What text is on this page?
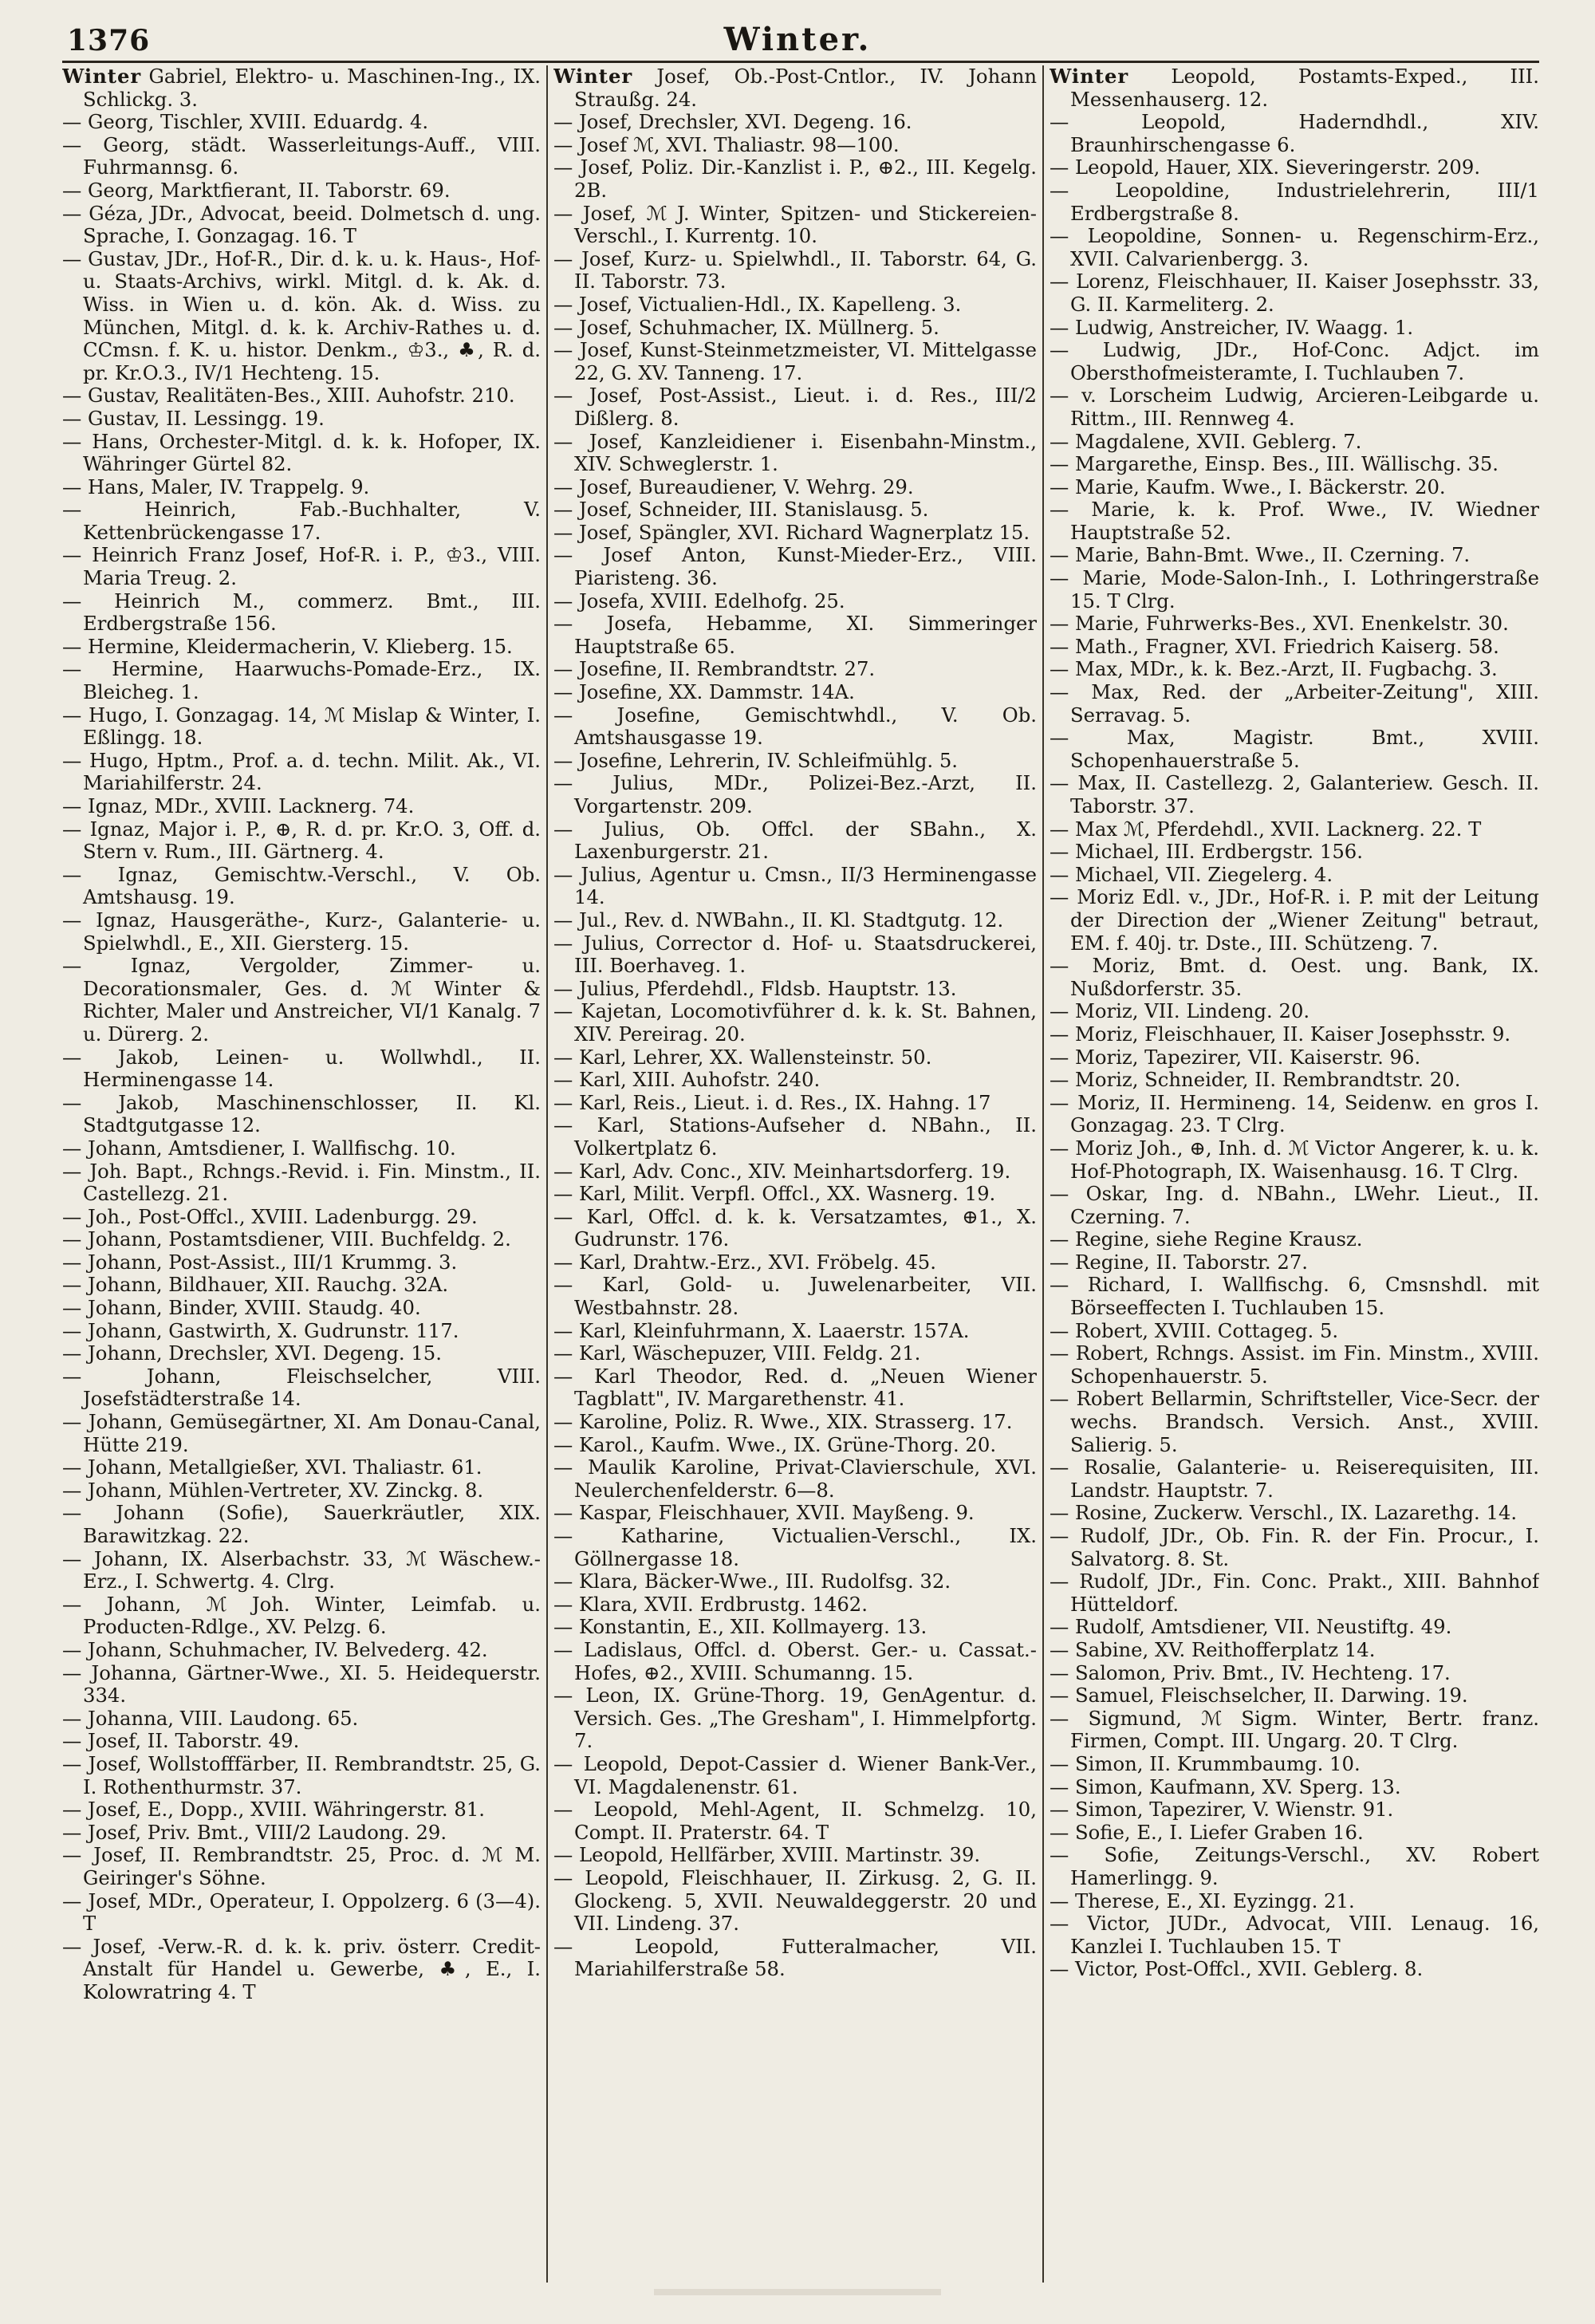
1376	Winter.

Winter Gabriel, Elektro- u. Maschinen-Ing., IX. Schlickg. 3.

— Georg, Tischler, XVIII. Eduardg. 4.

— Georg, städt. Wasserleitungs-Auff., VIII. Fuhrmannsg. 6.

— Georg, Marktfierant, II. Taborstr. 69.

— Géza, JDr., Advocat, beeid. Dolmetsch d. ung. Sprache, I. Gonzagag. 16. T

— Gustav, JDr., Hof-R., Dir. d. k. u. k. Haus-, Hof- u. Staats-Archivs, wirkl. Mitgl. d. k. Ak. d. Wiss. in Wien u. d. kön. Ak. d. Wiss. zu München, Mitgl. d. k. k. Archiv-Rathes u. d. CCmsn. f. K. u. histor. Denkm., ♔3., ♣, R. d. pr. Kr.O.3., IV/1 Hechteng. 15.

— Gustav, Realitäten-Bes., XIII. Auhofstr. 210.

— Gustav, II. Lessingg. 19.

— Hans, Orchester-Mitgl. d. k. k. Hofoper, IX. Währinger Gürtel 82.

— Hans, Maler, IV. Trappelg. 9.

— Heinrich, Fab.-Buchhalter, V. Kettenbrückengasse 17.

— Heinrich Franz Josef, Hof-R. i. P., ♔3., VIII. Maria Treug. 2.

— Heinrich M., commerz. Bmt., III. Erdbergstraße 156.

— Hermine, Kleidermacherin, V. Klieberg. 15.

— Hermine, Haarwuchs-Pomade-Erz., IX. Bleicheg. 1.

— Hugo, I. Gonzagag. 14, ℳ Mislap & Winter, I. Eßlingg. 18.

— Hugo, Hptm., Prof. a. d. techn. Milit. Ak., VI. Mariahilferstr. 24.

— Ignaz, MDr., XVIII. Lacknerg. 74.

— Ignaz, Major i. P., ⊕, R. d. pr. Kr.O. 3, Off. d. Stern v. Rum., III. Gärtnerg. 4.

— Ignaz, Gemischtw.-Verschl., V. Ob. Amtshausg. 19.

— Ignaz, Hausgeräthe-, Kurz-, Galanterie- u. Spielwhdl., E., XII. Giersterg. 15.

— Ignaz, Vergolder, Zimmer- u. Decorationsmaler, Ges. d. ℳ Winter & Richter, Maler und Anstreicher, VI/1 Kanalg. 7 u. Dürerg. 2.

— Jakob, Leinen- u. Wollwhdl., II. Herminengasse 14.

— Jakob, Maschinenschlosser, II. Kl. Stadtgutgasse 12.

— Johann, Amtsdiener, I. Wallfischg. 10.

— Joh. Bapt., Rchngs.-Revid. i. Fin. Minstm., II. Castellezg. 21.

— Joh., Post-Offcl., XVIII. Ladenburgg. 29.

— Johann, Postamtsdiener, VIII. Buchfeldg. 2.

— Johann, Post-Assist., III/1 Krummg. 3.

— Johann, Bildhauer, XII. Rauchg. 32A.

— Johann, Binder, XVIII. Staudg. 40.

— Johann, Gastwirth, X. Gudrunstr. 117.

— Johann, Drechsler, XVI. Degeng. 15.

— Johann, Fleischselcher, VIII. Josefstädterstraße 14.

— Johann, Gemüsegärtner, XI. Am Donau-Canal, Hütte 219.

— Johann, Metallgießer, XVI. Thaliastr. 61.

— Johann, Mühlen-Vertreter, XV. Zinckg. 8.

— Johann (Sofie), Sauerkräutler, XIX. Barawitzkag. 22.

— Johann, IX. Alserbachstr. 33, ℳ Wäschew.-Erz., I. Schwertg. 4. Clrg.

— Johann, ℳ Joh. Winter, Leimfab. u. Producten-Rdlge., XV. Pelzg. 6.

— Johann, Schuhmacher, IV. Belvederg. 42.

— Johanna, Gärtner-Wwe., XI. 5. Heidequerstr. 334.

— Johanna, VIII. Laudong. 65.

— Josef, II. Taborstr. 49.

— Josef, Wollstofffärber, II. Rembrandtstr. 25, G. I. Rothenthurmstr. 37.

— Josef, E., Dopp., XVIII. Währingerstr. 81.

— Josef, Priv. Bmt., VIII/2 Laudong. 29.

— Josef, II. Rembrandtstr. 25, Proc. d. ℳ M. Geiringer's Söhne.

— Josef, MDr., Operateur, I. Oppolzerg. 6 (3—4). T

— Josef, -Verw.-R. d. k. k. priv. österr. Credit-Anstalt für Handel u. Gewerbe, ♣, E., I. Kolowratring 4. T

Winter Josef, Ob.-Post-Cntlor., IV. Johann Straußg. 24.

— Josef, Drechsler, XVI. Degeng. 16.

— Josef ℳ, XVI. Thaliastr. 98—100.

— Josef, Poliz. Dir.-Kanzlist i. P., ⊕2., III. Kegelg. 2B.

— Josef, ℳ J. Winter, Spitzen- und Stickereien-Verschl., I. Kurrentg. 10.

— Josef, Kurz- u. Spielwhdl., II. Taborstr. 64, G. II. Taborstr. 73.

— Josef, Victualien-Hdl., IX. Kapelleng. 3.

— Josef, Schuhmacher, IX. Müllnerg. 5.

— Josef, Kunst-Steinmetzmeister, VI. Mittelgasse 22, G. XV. Tanneng. 17.

— Josef, Post-Assist., Lieut. i. d. Res., III/2 Dißlerg. 8.

— Josef, Kanzleidiener i. Eisenbahn-Minstm., XIV. Schweglerstr. 1.

— Josef, Bureaudiener, V. Wehrg. 29.

— Josef, Schneider, III. Stanislausg. 5.

— Josef, Spängler, XVI. Richard Wagnerplatz 15.

— Josef Anton, Kunst-Mieder-Erz., VIII. Piaristeng. 36.

— Josefa, XVIII. Edelhofg. 25.

— Josefa, Hebamme, XI. Simmeringer Hauptstraße 65.

— Josefine, II. Rembrandtstr. 27.

— Josefine, XX. Dammstr. 14A.

— Josefine, Gemischtwhdl., V. Ob. Amtshausgasse 19.

— Josefine, Lehrerin, IV. Schleifmühlg. 5.

— Julius, MDr., Polizei-Bez.-Arzt, II. Vorgartenstr. 209.

— Julius, Ob. Offcl. der SBahn., X. Laxenburgerstr. 21.

— Julius, Agentur u. Cmsn., II/3 Herminengasse 14.

— Jul., Rev. d. NWBahn., II. Kl. Stadtgutg. 12.

— Julius, Corrector d. Hof- u. Staatsdruckerei, III. Boerhaveg. 1.

— Julius, Pferdehdl., Fldsb. Hauptstr. 13.

— Kajetan, Locomotivführer d. k. k. St. Bahnen, XIV. Pereirag. 20.

— Karl, Lehrer, XX. Wallensteinstr. 50.

— Karl, XIII. Auhofstr. 240.

— Karl, Reis., Lieut. i. d. Res., IX. Hahng. 17

— Karl, Stations-Aufseher d. NBahn., II. Volkertplatz 6.

— Karl, Adv. Conc., XIV. Meinhartsdorferg. 19.

— Karl, Milit. Verpfl. Offcl., XX. Wasnerg. 19.

— Karl, Offcl. d. k. k. Versatzamtes, ⊕1., X. Gudrunstr. 176.

— Karl, Drahtw.-Erz., XVI. Fröbelg. 45.

— Karl, Gold- u. Juwelenarbeiter, VII. Westbahnstr. 28.

— Karl, Kleinfuhrmann, X. Laaerstr. 157A.

— Karl, Wäschepuzer, VIII. Feldg. 21.

— Karl Theodor, Red. d. „Neuen Wiener Tagblatt", IV. Margarethenstr. 41.

— Karoline, Poliz. R. Wwe., XIX. Strasserg. 17.

— Karol., Kaufm. Wwe., IX. Grüne-Thorg. 20.

— Maulik Karoline, Privat-Clavierschule, XVI. Neulerchenfelderstr. 6—8.

— Kaspar, Fleischhauer, XVII. Mayßeng. 9.

— Katharine, Victualien-Verschl., IX. Göllnergasse 18.

— Klara, Bäcker-Wwe., III. Rudolfsg. 32.

— Klara, XVII. Erdbrustg. 1462.

— Konstantin, E., XII. Kollmayerg. 13.

— Ladislaus, Offcl. d. Oberst. Ger.- u. Cassat.-Hofes, ⊕2., XVIII. Schumanng. 15.

— Leon, IX. Grüne-Thorg. 19, GenAgentur. d. Versich. Ges. „The Gresham", I. Himmelpfortg. 7.

— Leopold, Depot-Cassier d. Wiener Bank-Ver., VI. Magdalenenstr. 61.

— Leopold, Mehl-Agent, II. Schmelzg. 10, Compt. II. Praterstr. 64. T

— Leopold, Hellfärber, XVIII. Martinstr. 39.

— Leopold, Fleischhauer, II. Zirkusg. 2, G. II. Glockeng. 5, XVII. Neuwaldeggerstr. 20 und VII. Lindeng. 37.

— Leopold, Futteralmacher, VII. Mariahilferstraße 58.

Winter Leopold, Postamts-Exped., III. Messenhauserg. 12.

— Leopold, Haderndhdl., XIV. Braunhirschengasse 6.

— Leopold, Hauer, XIX. Sieveringerstr. 209.

— Leopoldine, Industrielehrerin, III/1 Erdbergstraße 8.

— Leopoldine, Sonnen- u. Regenschirm-Erz., XVII. Calvarienbergg. 3.

— Lorenz, Fleischhauer, II. Kaiser Josephsstr. 33, G. II. Karmeliterg. 2.

— Ludwig, Anstreicher, IV. Waagg. 1.

— Ludwig, JDr., Hof-Conc. Adjct. im Obersthofmeisteramte, I. Tuchlauben 7.

— v. Lorscheim Ludwig, Arcieren-Leibgarde u. Rittm., III. Rennweg 4.

— Magdalene, XVII. Geblerg. 7.

— Margarethe, Einsp. Bes., III. Wällischg. 35.

— Marie, Kaufm. Wwe., I. Bäckerstr. 20.

— Marie, k. k. Prof. Wwe., IV. Wiedner Hauptstraße 52.

— Marie, Bahn-Bmt. Wwe., II. Czerning. 7.

— Marie, Mode-Salon-Inh., I. Lothringerstraße 15. T Clrg.

— Marie, Fuhrwerks-Bes., XVI. Enenkelstr. 30.

— Math., Fragner, XVI. Friedrich Kaiserg. 58.

— Max, MDr., k. k. Bez.-Arzt, II. Fugbachg. 3.

— Max, Red. der „Arbeiter-Zeitung", XIII. Serravag. 5.

— Max, Magistr. Bmt., XVIII. Schopenhauerstraße 5.

— Max, II. Castellezg. 2, Galanteriew. Gesch. II. Taborstr. 37.

— Max ℳ, Pferdehdl., XVII. Lacknerg. 22. T

— Michael, III. Erdbergstr. 156.

— Michael, VII. Ziegelerg. 4.

— Moriz Edl. v., JDr., Hof-R. i. P. mit der Leitung der Direction der „Wiener Zeitung" betraut, EM. f. 40j. tr. Dste., III. Schützeng. 7.

— Moriz, Bmt. d. Oest. ung. Bank, IX. Nußdorferstr. 35.

— Moriz, VII. Lindeng. 20.

— Moriz, Fleischhauer, II. Kaiser Josephsstr. 9.

— Moriz, Tapezirer, VII. Kaiserstr. 96.

— Moriz, Schneider, II. Rembrandtstr. 20.

— Moriz, II. Hermineng. 14, Seidenw. en gros I. Gonzagag. 23. T Clrg.

— Moriz Joh., ⊕, Inh. d. ℳ Victor Angerer, k. u. k. Hof-Photograph, IX. Waisenhausg. 16. T Clrg.

— Oskar, Ing. d. NBahn., LWehr. Lieut., II. Czerning. 7.

— Regine, siehe Regine Krausz.

— Regine, II. Taborstr. 27.

— Richard, I. Wallfischg. 6, Cmsnshdl. mit Börseeffecten I. Tuchlauben 15.

— Robert, XVIII. Cottageg. 5.

— Robert, Rchngs. Assist. im Fin. Minstm., XVIII. Schopenhauerstr. 5.

— Robert Bellarmin, Schriftsteller, Vice-Secr. der wechs. Brandsch. Versich. Anst., XVIII. Salierig. 5.

— Rosalie, Galanterie- u. Reiserequisiten, III. Landstr. Hauptstr. 7.

— Rosine, Zuckerw. Verschl., IX. Lazarethg. 14.

— Rudolf, JDr., Ob. Fin. R. der Fin. Procur., I. Salvatorg. 8. St.

— Rudolf, JDr., Fin. Conc. Prakt., XIII. Bahnhof Hütteldorf.

— Rudolf, Amtsdiener, VII. Neustiftg. 49.

— Sabine, XV. Reithofferplatz 14.

— Salomon, Priv. Bmt., IV. Hechteng. 17.

— Samuel, Fleischselcher, II. Darwing. 19.

— Sigmund, ℳ Sigm. Winter, Bertr. franz. Firmen, Compt. III. Ungarg. 20. T Clrg.

— Simon, II. Krummbaumg. 10.

— Simon, Kaufmann, XV. Sperg. 13.

— Simon, Tapezirer, V. Wienstr. 91.

— Sofie, E., I. Liefer Graben 16.

— Sofie, Zeitungs-Verschl., XV. Robert Hamerlingg. 9.

— Therese, E., XI. Eyzingg. 21.

— Victor, JUDr., Advocat, VIII. Lenaug. 16, Kanzlei I. Tuchlauben 15. T

— Victor, Post-Offcl., XVII. Geblerg. 8.
